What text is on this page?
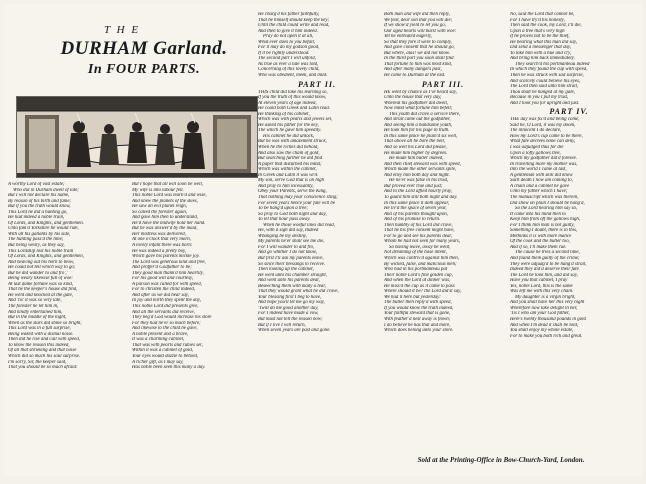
T H E
DURHAM Garland.
In FOUR PARTS.
A worthy Lord of vast estate;
Who did in Durham dwell of late;
But I will not declare his name,
By reason of his birth and fame;
But if you the truth would know,
This Lord he did a hunting go,
He had indeed a noble train,
Of Lords, and Knights, and gentlemen.
Unto fam'd Yorkshire he would ride,
With all his gallants by his side,
The hunting pass'd the time;
But being weary, as they say,
This Lordship lost his noble train
Of Lords, and Knights, and gentlemen,
And heaving out his horn to blow,
He could not tell which way to go;
But he did wander to and fro','
Being weary likewise full of woe:
At last dame fortune was so kind,
That he the keeper's house did find,
He went and knocked at the gate,
And 'tis' it was so very late,
The forester he let him in,
And kindly entertained him,
But in the middle of the night,
When as the stars did shine so bright,
This Lord was in a full surprise,
Being waked with a dismal noise.
Then did he rise and call with speed,
To know the reason this indeed,
Of all that shrieking and that noise
Which did so much his soul surprise.
I'm sorry, Sir, the keeper said,
That you should be so much afraid:
But I hope that all will soon be well,
My wife is into labour fell.
This noble Lord was learn'd and wise,
And knew the planets of the skies,
He saw an evil planet reign,
So called the forester again,
And gave him then to understand,
He'd have the midwife hold her hand.
But he was answer'd by the maid,
Her mistress was delivered,
At one o'clock that very morn,
A lovely infant there was born:
He was indeed a pretty boy,
Which gave his parents mickle joy.
The Lord was generous kind and free,
And proffer'd Godfather to be;
They good man thank'd him heartily,
For his good will and courtesy,
A parson was called for with speed,
For to christen the child indeed,
And after as we did hear say,
In joy and mirth they spent the day,
This noble Lord did presents give,
And all the servants did receive,
They beg'd God would increase his store
For they had ne'er so much before;
And likewise to the child he gave,
A noble present and a brave,
It was a charming cabinet,
That was with pearls and rubies set,
Within it was a cabinet of gold,
Your eyes would dazzle to behold,
A richer gift, as I may say,
Has noble been seen this many a day.
He charg'd his father faithfully,
That he himself should keep the key;
Until the child could write and read,
And then to give it him indeed.
Pray do not open it at all,
What ever does to you befall,
For it may do my godson good,
If it be rightly understood.
The second part I will unfold,
As true as ever a tale was told,
Concerning of this lovely child,
Who was obedient, meek, and mild.
PART II.
THIS child did take his learning so,
If you the truth of this would know,
At eleven years of age indeed,
He could both Greek and Latin read.
He thinking of his cabinet,
Which was with pearls and jewels set,
He asked his father for the key,
The which he gave him speedily.
His cabinet he did unlock,
But he was with amazement struck,
When he the riches did behold,
And also saw the chain of gold,
But searching further he did find
A paper that disturbed his mind;
Which was within the cabinet,
In Greek and Latin it was writ.
My son, serve God that is on high
And pray to him incessantly,
Obey your Parents, serve the King,
That nothing may your conscience sting;
For seven years hence your fate will be
To be hang'd upon a tree;
So pray to God both night and day,
To let that hour pass away.
When he those woeful lines did read,
He, with a sigh did say, Indeed
Whanging be my destiny,
My parents ne'er shall see me die,
For I will wander to and fro,
And go whither I do not know,
But first I'll ask my parents leave,
So since their blessings to receive.
Then looking up the cabinet,
He went unto his chamber straight,
And went unto his parents dear,
Beseeching them with many a tear,
That they would grant what he did crave,
Your blessing first I beg to have,
And hope you'll let me go my way,
'Twill do me good another day,
For I indeed have made a vow,
But must not tell the reason now;
But if I live I will return,
When seven years are past and gone.
Both man and wife did then reply,
We fear, dear son that you will die;
If we show'd yield to let you go,
Our aged hearts will burst with woe:
Yet he entreated eagerly,
So that they fore it were to comply,
And gave consent that he should go,
But where, alas! we did not know.
In the third part you soon shall find
That fortune to him was most kind,
And after many dangers past,
He came to Durham at the last.
PART III.
HE went by chance as I've heard say,
Unto the house that very day,
Whereat his godfather did dwell,
Now mind what fortune him befell;
This youth did crave a service there,
And strait came out the godfather,
And seeing him a handsome youth,
He took him for his page in truth.
In this same place he plain'd six well,
That above all he bore the bell,
And so well his Lord did please,
He made him higher by degrees.
He made him butler indeed,
And then chief steward was with speed,
Which made the other servants spite,
And envy him both day and night.
He ne'er was false in his trust,
But proved ever true and just;
And to the Lord affied hourly pray,
To guard him still both night and day.
In this same place it doth appear,
He liv'd the space of seven year,
And of his parents thought upon,
And of his promise to return.
Then humbly of his Lord did crave,
That he his free consent might have,
For to go and see his parents dear,
Whom he had not seen for many years,
So having leave, away he went,
Not dreaming of the base intent,
Which was contriv'd against him then,
By wicked, false, and malicious men;
Who had in his portmanteau put
Their noble Lord's fine golden cup,
And when the Lord at dinner was,
He miss'd the cup as it came to pass
Where should it be? the Lord did'st say,
We had it here but yesterday:
The butler then reply'd with speed,
If you would know the truth indeed,
Your faithful steward that is gone,
With feather'd nest away is flown;
I do believe he has that and more,
Which does belong unto your store.
No, said the Lord that cannot be,
For I have try'd his honesty,
Then said the cook, my Lord, I'll die,
Upon a tree that's very high
If he proves not to be the thief,
He bearing what this man did say,
Did send a messenger that day,
To take him with a hue and cry,
And bring him back immediately.
They search'd his portmanteau indeed
In which they found the cup with speed,
Then he was struck with sad surprise,
And scarcely could believe his eyes,
The Lord then said unto him strait,
Thou shalt be hanged at my gate,
Because in you I put my trust,
And I took you for upright and just.
PART IV.
THE day was fix'd and being come,
Said he, O Lord, it was my doom,
The innocent I do declare,
How my Lord's cup came to be there,
What fate decrees none can deny,
I was adjudged thus for die
Upon a lofty gallows tree,
Which my godfather did'd foresee.
In travelling more my mother was,
Into the world I came at last,
A gentleman with skill did know
Such death I now am coming to,
A chain and a cabinet he gave
Unto my father which I have;
The manuscript which was therein,
Did show on plain I should be hang'd,
So the Lord hearing him say so,
It came into his mind then to
Keep him from off the gallows high,
For I think him man is not guilty,
Something I doubt, there is in this,
Methinks it is with more malice
Of the cook and the butler too,
And if so, I'll make them rue.
The cause he tries a second time,
And found them guilty of the crime;
They were adjudg'd to be hang'd strait,
Indeed they did'd deserve their fate
The Lord he took him, and did say,
Have you that cabinet, I pray
Yes, noble Lord, this is the same
Was left me with this very chain.
My daughter is a virgin bright,
And you shall have her this very night
Wherefore now take delight in her,
'Tis I who am your God father,
Here's twenty thousand pounds in gold
And when I'm dead it shall be told,
You shall enjoy my whole estate,
For to make you both rich and great.
Sold at the Printing-Office in Bow-Church-Yard, London.
